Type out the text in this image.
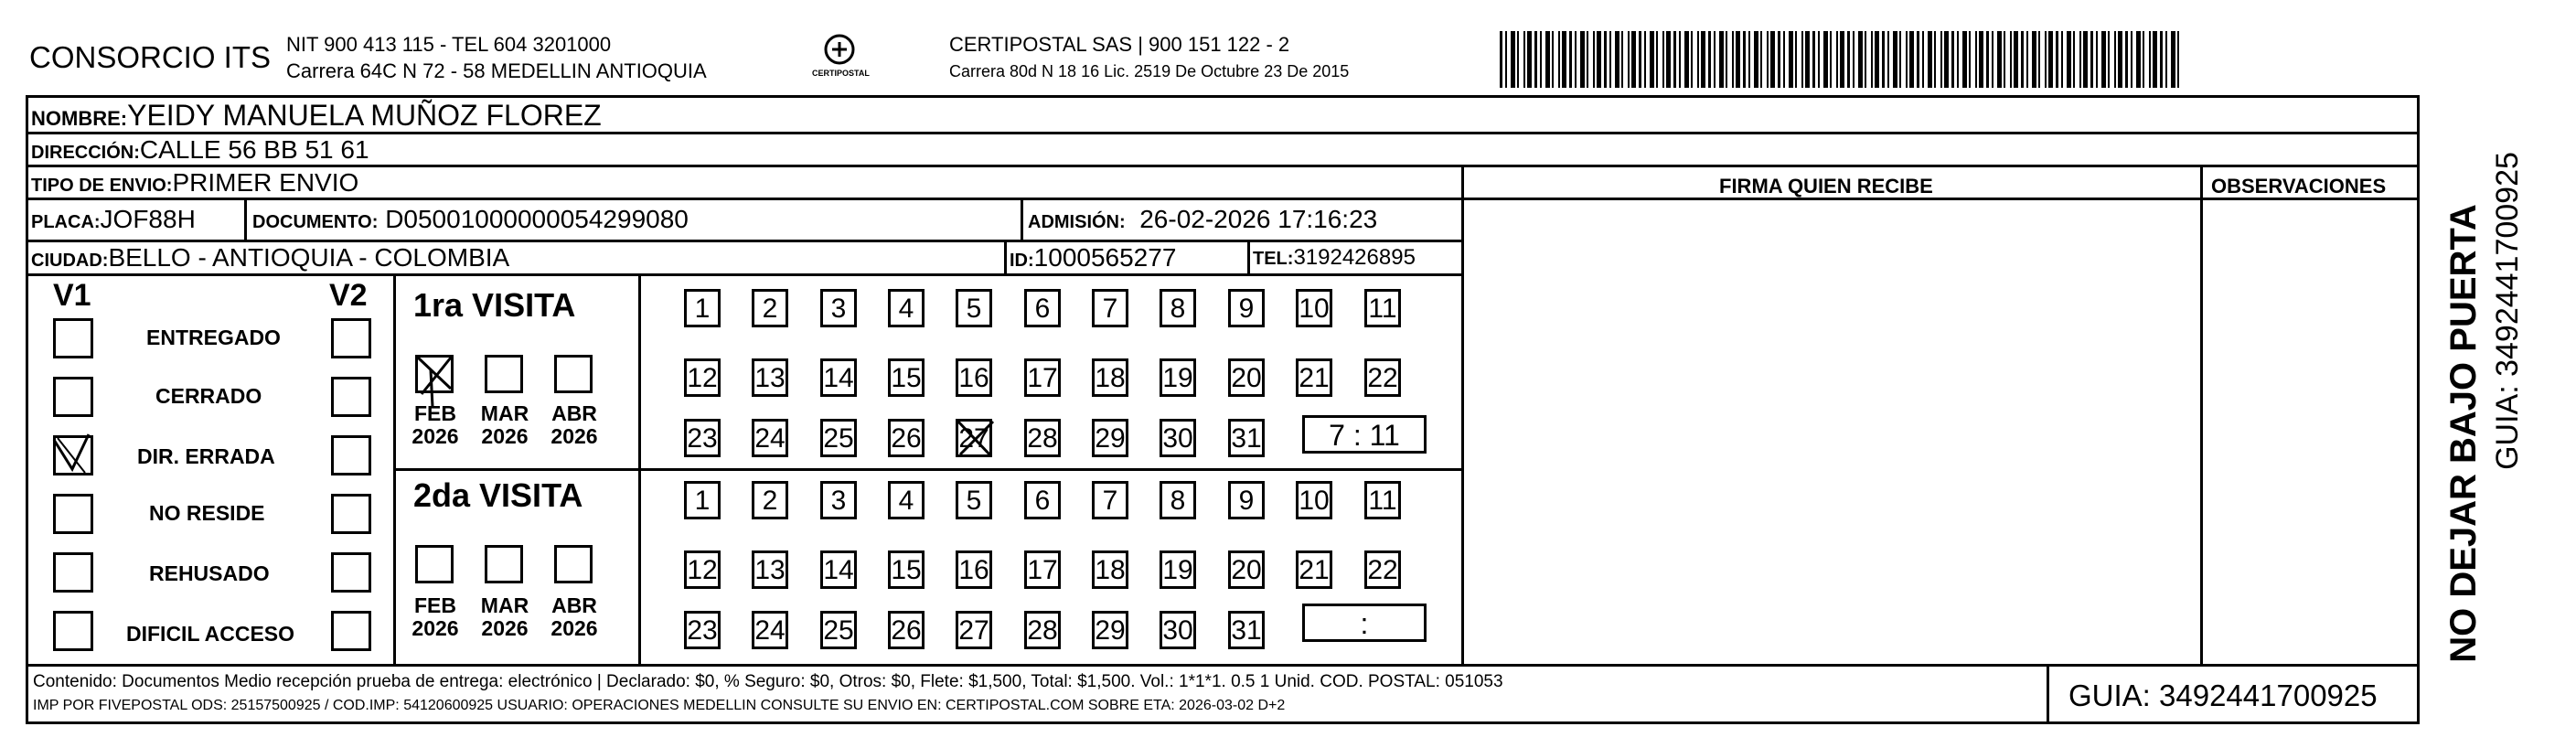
CONSORCIO ITS NIT 900 413 115 - TEL 604 3201000
Carrera 64C N 72 - 58 MEDELLIN ANTIOQUIA	CERTIPOSTAL
CERTIPOSTAL SAS | 900 151 122 - 2
Carrera 80d N 18 16 Lic. 2519 De Octubre 23 De 2015
NOMBRE:YEIDY MANUELA MUÑOZ FLOREZ
DIRECCIÓN:CALLE 56 BB 51 61
TIPO DE ENVIO:PRIMER ENVIO
PLACA:JOF88H	DOCUMENTO: D05001000000054299080	ADMISIÓN: 26-02-2026 17:16:23
CIUDAD:BELLO - ANTIOQUIA - COLOMBIA	ID:1000565277	TEL:3192426895
FIRMA QUIEN RECIBE	OBSERVACIONES
V1	V2
ENTREGADO
CERRADO
DIR. ERRADA
NO RESIDE
REHUSADO
DIFICIL ACCESO
1ra VISITA
FEB
2026
MAR
2026
ABR
2026
1	2	3	4	5	6	7	8	9	10 11
12 13 14 15 16 17 18 19 20 21 22
23 24 25 26 27 28 29 30 31	7 : 11
2da VISITA
FEB
2026
MAR
2026
ABR
2026
1	2	3	4	5	6	7	8	9	10 11
12 13 14 15 16 17 18 19 20 21 22
23 24 25 26 27 28 29 30 31	:
Contenido: Documentos Medio recepción prueba de entrega: electrónico | Declarado: $0, % Seguro: $0, Otros: $0, Flete: $1,500, Total: $1,500. Vol.: 1*1*1. 0.5 1 Unid. COD. POSTAL: 051053
IMP POR FIVEPOSTAL ODS: 25157500925 / COD.IMP: 54120600925 USUARIO: OPERACIONES MEDELLIN CONSULTE SU ENVIO EN: CERTIPOSTAL.COM SOBRE ETA: 2026-03-02 D+2	GUIA: 3492441700925
NO DEJAR BAJO PUERTA GUIA: 3492441700925
